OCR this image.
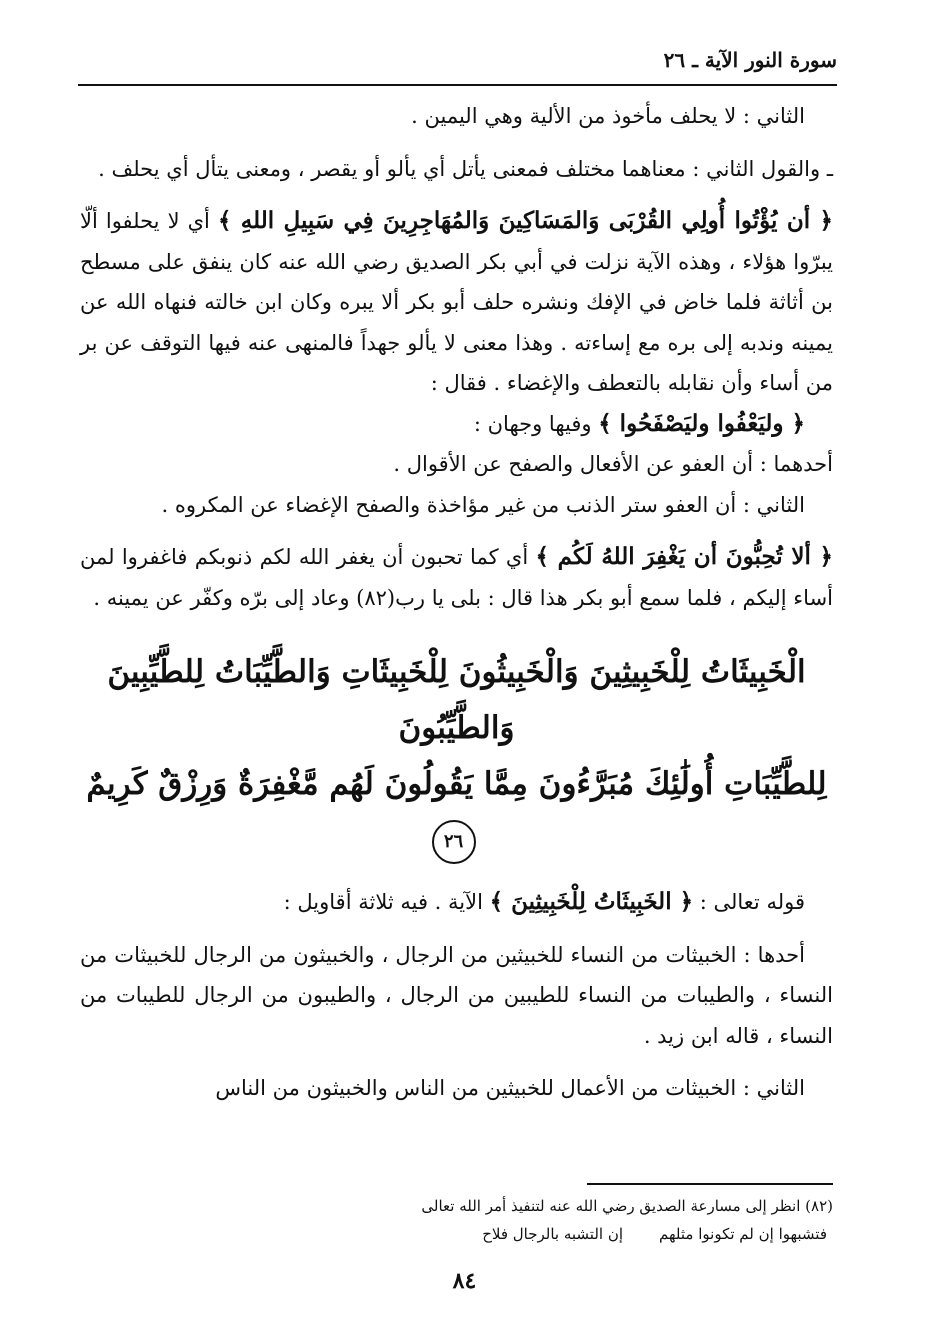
سورة النور الآية ـ ٢٦

الثاني : لا يحلف مأخوذ من الألية وهي اليمين .

ـ والقول الثاني : معناهما مختلف فمعنى يأتل أي يألو أو يقصر ، ومعنى يتأل أي يحلف .

﴿ أن يُؤْتُوا أُولِي القُرْبَى وَالمَسَاكِينَ وَالمُهَاجِرِينَ فِي سَبِيلِ اللهِ ﴾ أي لا يحلفوا ألّا يبرّوا هؤلاء ، وهذه الآية نزلت في أبي بكر الصديق رضي الله عنه كان ينفق على مسطح بن أثاثة فلما خاض في الإفك ونشره حلف أبو بكر ألا يبره وكان ابن خالته فنهاه الله عن يمينه وندبه إلى بره مع إساءته . وهذا معنى لا يألو جهداً فالمنهى عنه فيها التوقف عن بر من أساء وأن نقابله بالتعطف والإغضاء . فقال :

﴿ وليَعْفُوا وليَصْفَحُوا ﴾ وفيها وجهان :

أحدهما : أن العفو عن الأفعال والصفح عن الأقوال .

الثاني : أن العفو ستر الذنب من غير مؤاخذة والصفح الإغضاء عن المكروه .

﴿ ألا تُحِبُّونَ أن يَغْفِرَ اللهُ لَكُم ﴾ أي كما تحبون أن يغفر الله لكم ذنوبكم فاغفروا لمن أساء إليكم ، فلما سمع أبو بكر هذا قال : بلى يا رب(٨٢) وعاد إلى برّه وكفّر عن يمينه .

الْخَبِيثَاتُ لِلْخَبِيثِينَ وَالْخَبِيثُونَ لِلْخَبِيثَاتِ وَالطَّيِّبَاتُ لِلطَّيِّبِينَ وَالطَّيِّبُونَ
لِلطَّيِّبَاتِ أُولَٰئِكَ مُبَرَّءُونَ مِمَّا يَقُولُونَ لَهُم مَّغْفِرَةٌ وَرِزْقٌ كَرِيمٌ ٢٦

قوله تعالى : ﴿ الخَبِيثَاتُ لِلْخَبِيثِينَ ﴾ الآية . فيه ثلاثة أقاويل :

أحدها : الخبيثات من النساء للخبيثين من الرجال ، والخبيثون من الرجال للخبيثات من النساء ، والطيبات من النساء للطيبين من الرجال ، والطيبون من الرجال للطيبات من النساء ، قاله ابن زيد .

الثاني : الخبيثات من الأعمال للخبيثين من الناس والخبيثون من الناس

(٨٢) انظر إلى مسارعة الصديق رضي الله عنه لتنفيذ أمر الله تعالى

فتشبهوا إن لم تكونوا مثلهم
إن التشبه بالرجال فلاح
٨٤
